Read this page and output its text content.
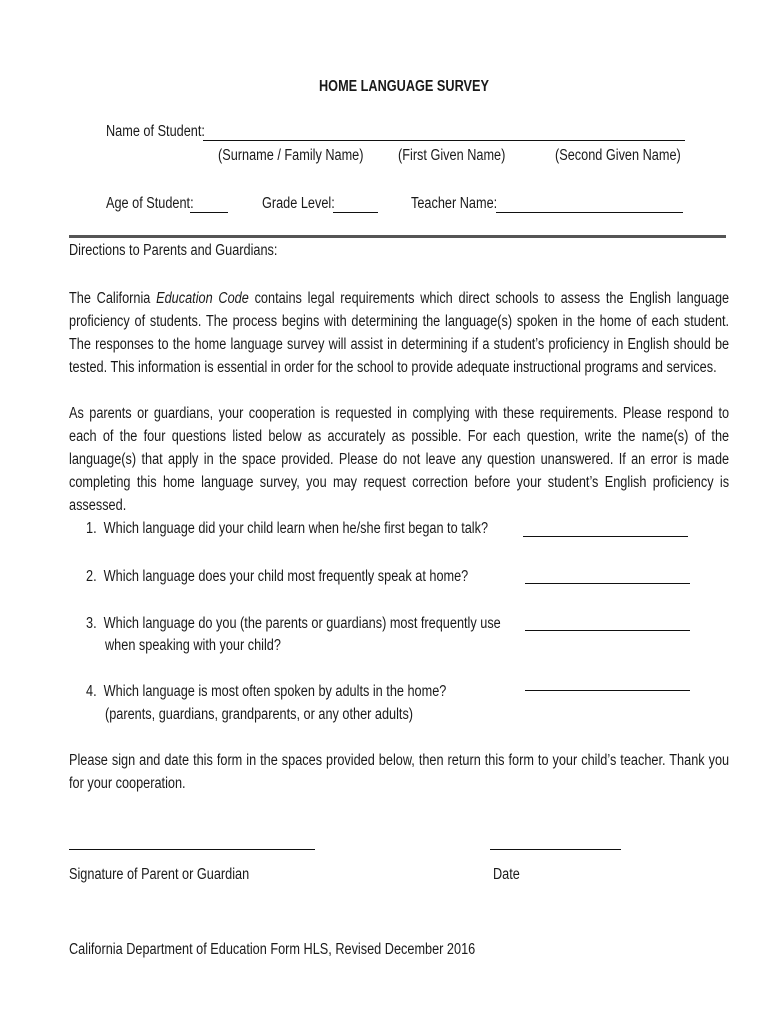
HOME LANGUAGE SURVEY
Name of Student:
(Surname / Family Name)	(First Given Name)	(Second Given Name)
Age of Student:	Grade Level:	Teacher Name:
Directions to Parents and Guardians:
The California Education Code contains legal requirements which direct schools to assess the English language proficiency of students. The process begins with determining the language(s) spoken in the home of each student. The responses to the home language survey will assist in determining if a student’s proficiency in English should be tested. This information is essential in order for the school to provide adequate instructional programs and services.
As parents or guardians, your cooperation is requested in complying with these requirements. Please respond to each of the four questions listed below as accurately as possible. For each question, write the name(s) of the language(s) that apply in the space provided. Please do not leave any question unanswered. If an error is made completing this home language survey, you may request correction before your student’s English proficiency is assessed.
1. Which language did your child learn when he/she first began to talk?
2. Which language does your child most frequently speak at home?
3. Which language do you (the parents or guardians) most frequently use
when speaking with your child?
4. Which language is most often spoken by adults in the home?
(parents, guardians, grandparents, or any other adults)
Please sign and date this form in the spaces provided below, then return this form to your child’s teacher. Thank you for your cooperation.
Signature of Parent or Guardian	Date
California Department of Education Form HLS, Revised December 2016
